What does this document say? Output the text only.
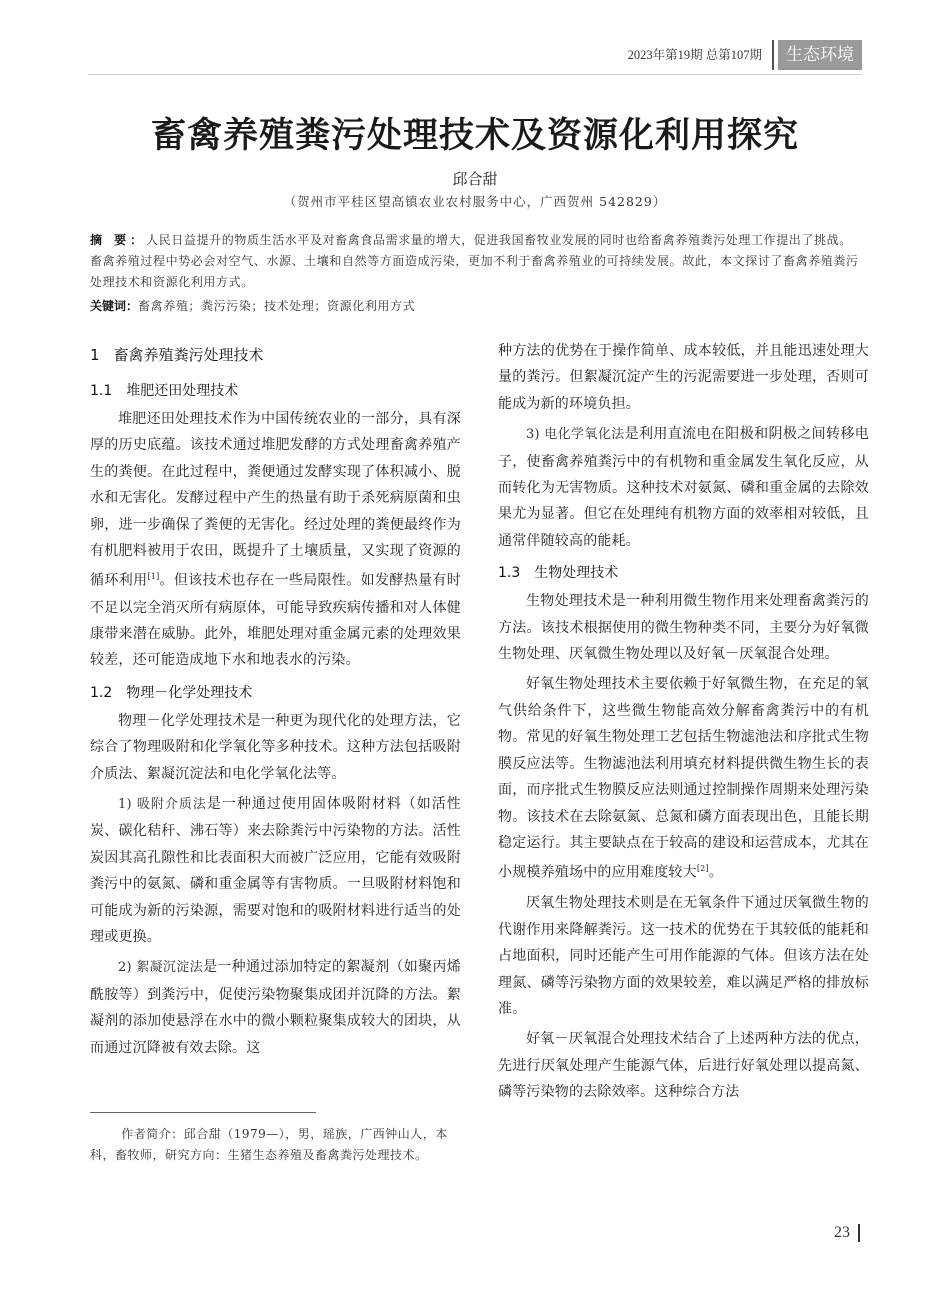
2023年第19期 总第107期	生态环境
畜禽养殖粪污处理技术及资源化利用探究
邱合甜
（贺州市平桂区望高镇农业农村服务中心，广西贺州 542829）
摘 要：人民日益提升的物质生活水平及对畜禽食品需求量的增大，促进我国畜牧业发展的同时也给畜禽养殖粪污处理工作提出了挑战。畜禽养殖过程中势必会对空气、水源、土壤和自然等方面造成污染，更加不利于畜禽养殖业的可持续发展。故此，本文探讨了畜禽养殖粪污处理技术和资源化利用方式。
关键词：畜禽养殖；粪污污染；技术处理；资源化利用方式
1 畜禽养殖粪污处理技术
1.1 堆肥还田处理技术

堆肥还田处理技术作为中国传统农业的一部分，具有深厚的历史底蕴。该技术通过堆肥发酵的方式处理畜禽养殖产生的粪便。在此过程中，粪便通过发酵实现了体积减小、脱水和无害化。发酵过程中产生的热量有助于杀死病原菌和虫卵，进一步确保了粪便的无害化。经过处理的粪便最终作为有机肥料被用于农田，既提升了土壤质量，又实现了资源的循环利用[1]。但该技术也存在一些局限性。如发酵热量有时不足以完全消灭所有病原体，可能导致疾病传播和对人体健康带来潜在威胁。此外，堆肥处理对重金属元素的处理效果较差，还可能造成地下水和地表水的污染。

1.2 物理－化学处理技术

物理－化学处理技术是一种更为现代化的处理方法，它综合了物理吸附和化学氧化等多种技术。这种方法包括吸附介质法、絮凝沉淀法和电化学氧化法等。

1) 吸附介质法是一种通过使用固体吸附材料（如活性炭、碳化秸秆、沸石等）来去除粪污中污染物的方法。活性炭因其高孔隙性和比表面积大而被广泛应用，它能有效吸附粪污中的氨氮、磷和重金属等有害物质。一旦吸附材料饱和可能成为新的污染源，需要对饱和的吸附材料进行适当的处理或更换。

2) 絮凝沉淀法是一种通过添加特定的絮凝剂（如聚丙烯酰胺等）到粪污中，促使污染物聚集成团并沉降的方法。絮凝剂的添加使悬浮在水中的微小颗粒聚集成较大的团块，从而通过沉降被有效去除。这

种方法的优势在于操作简单、成本较低，并且能迅速处理大量的粪污。但絮凝沉淀产生的污泥需要进一步处理，否则可能成为新的环境负担。

3) 电化学氧化法是利用直流电在阳极和阴极之间转移电子，使畜禽养殖粪污中的有机物和重金属发生氧化反应，从而转化为无害物质。这种技术对氨氮、磷和重金属的去除效果尤为显著。但它在处理纯有机物方面的效率相对较低，且通常伴随较高的能耗。

1.3 生物处理技术

生物处理技术是一种利用微生物作用来处理畜禽粪污的方法。该技术根据使用的微生物种类不同，主要分为好氧微生物处理、厌氧微生物处理以及好氧－厌氧混合处理。

好氧生物处理技术主要依赖于好氧微生物，在充足的氧气供给条件下，这些微生物能高效分解畜禽粪污中的有机物。常见的好氧生物处理工艺包括生物滤池法和序批式生物膜反应法等。生物滤池法利用填充材料提供微生物生长的表面，而序批式生物膜反应法则通过控制操作周期来处理污染物。该技术在去除氨氮、总氮和磷方面表现出色，且能长期稳定运行。其主要缺点在于较高的建设和运营成本，尤其在小规模养殖场中的应用难度较大[2]。

厌氧生物处理技术则是在无氧条件下通过厌氧微生物的代谢作用来降解粪污。这一技术的优势在于其较低的能耗和占地面积，同时还能产生可用作能源的气体。但该方法在处理氮、磷等污染物方面的效果较差，难以满足严格的排放标准。

好氧－厌氧混合处理技术结合了上述两种方法的优点，先进行厌氧处理产生能源气体，后进行好氧处理以提高氮、磷等污染物的去除效率。这种综合方法

作者简介：邱合甜（1979—），男，瑶族，广西钟山人，本科，畜牧师，研究方向：生猪生态养殖及畜禽粪污处理技术。
23
